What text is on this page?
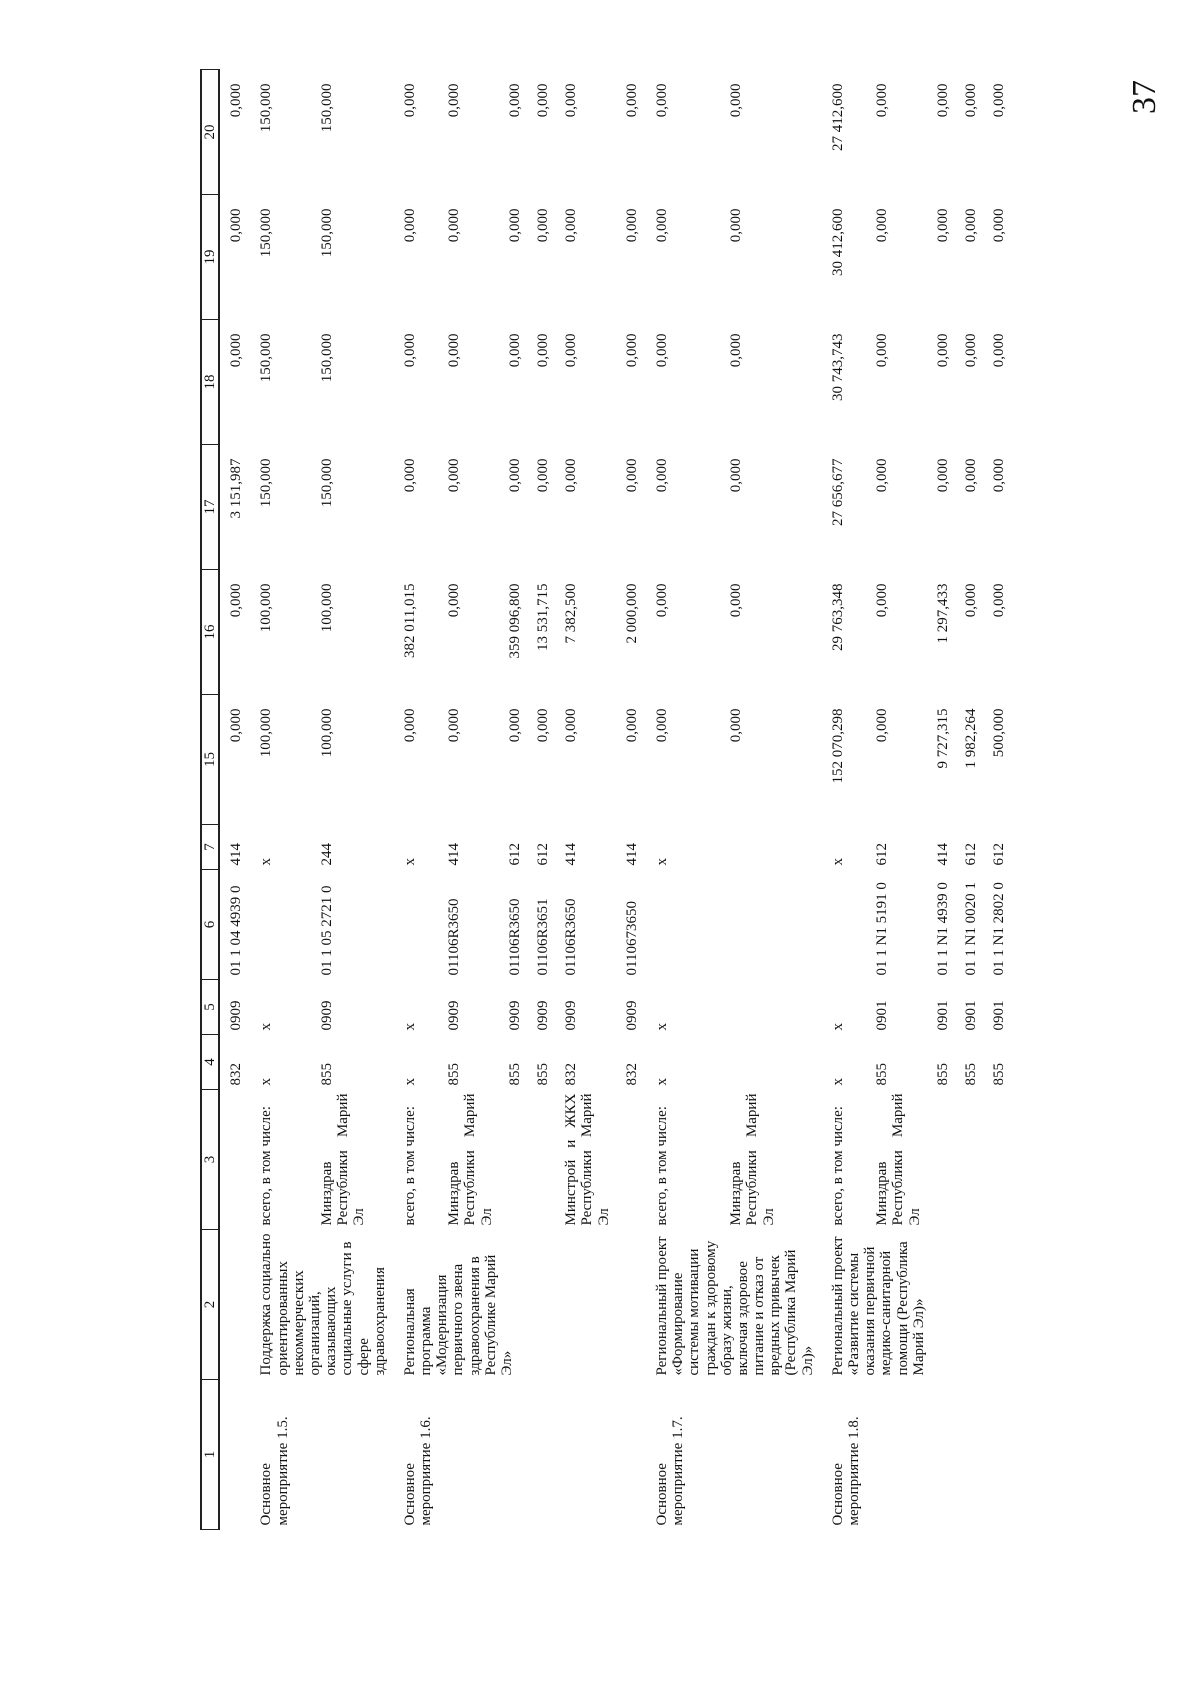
37
1	2	3	4	5	6	7	15	16	17	18	19	20
			832	0909	01 1 04 4939 0	414	0,000	0,000	3 151,987	0,000	0,000	0,000
Основное мероприятие 1.5.	Поддержка социально ориентированных некоммерческих организаций, оказывающих социальные услуги в сфере здравоохранения	всего, в том числе:	х	х		х	100,000	100,000	150,000	150,000	150,000	150,000
		Минздрав Республики Марий Эл	855	0909	01 1 05 2721 0	244	100,000	100,000	150,000	150,000	150,000	150,000
Основное мероприятие 1.6.	Региональная программа «Модернизация первичного звена здравоохранения в Республике Марий Эл»	всего, в том числе:	х	х		х	0,000	382 011,015	0,000	0,000	0,000	0,000
		Минздрав Республики Марий Эл	855	0909	01106R3650	414	0,000	0,000	0,000	0,000	0,000	0,000
			855	0909	01106R3650	612	0,000	359 096,800	0,000	0,000	0,000	0,000
			855	0909	01106R3651	612	0,000	13 531,715	0,000	0,000	0,000	0,000
		Минстрой и ЖКХ Республики Марий Эл	832	0909	01106R3650	414	0,000	7 382,500	0,000	0,000	0,000	0,000
			832	0909	0110673650	414	0,000	2 000,000	0,000	0,000	0,000	0,000
Основное мероприятие 1.7.	Региональный проект «Формирование системы мотивации граждан к здоровому образу жизни, включая здоровое питание и отказ от вредных привычек (Республика Марий Эл)»	всего, в том числе:	х	х		х	0,000	0,000	0,000	0,000	0,000	0,000
		Минздрав Республики Марий Эл					0,000	0,000	0,000	0,000	0,000	0,000
Основное мероприятие 1.8.	Региональный проект «Развитие системы оказания первичной медико-санитарной помощи (Республика Марий Эл)»	всего, в том числе:	х	х		х	152 070,298	29 763,348	27 656,677	30 743,743	30 412,600	27 412,600
		Минздрав Республики Марий Эл	855	0901	01 1 N1 5191 0	612	0,000	0,000	0,000	0,000	0,000	0,000
			855	0901	01 1 N1 4939 0	414	9 727,315	1 297,433	0,000	0,000	0,000	0,000
			855	0901	01 1 N1 0020 1	612	1 982,264	0,000	0,000	0,000	0,000	0,000
			855	0901	01 1 N1 2802 0	612	500,000	0,000	0,000	0,000	0,000	0,000
